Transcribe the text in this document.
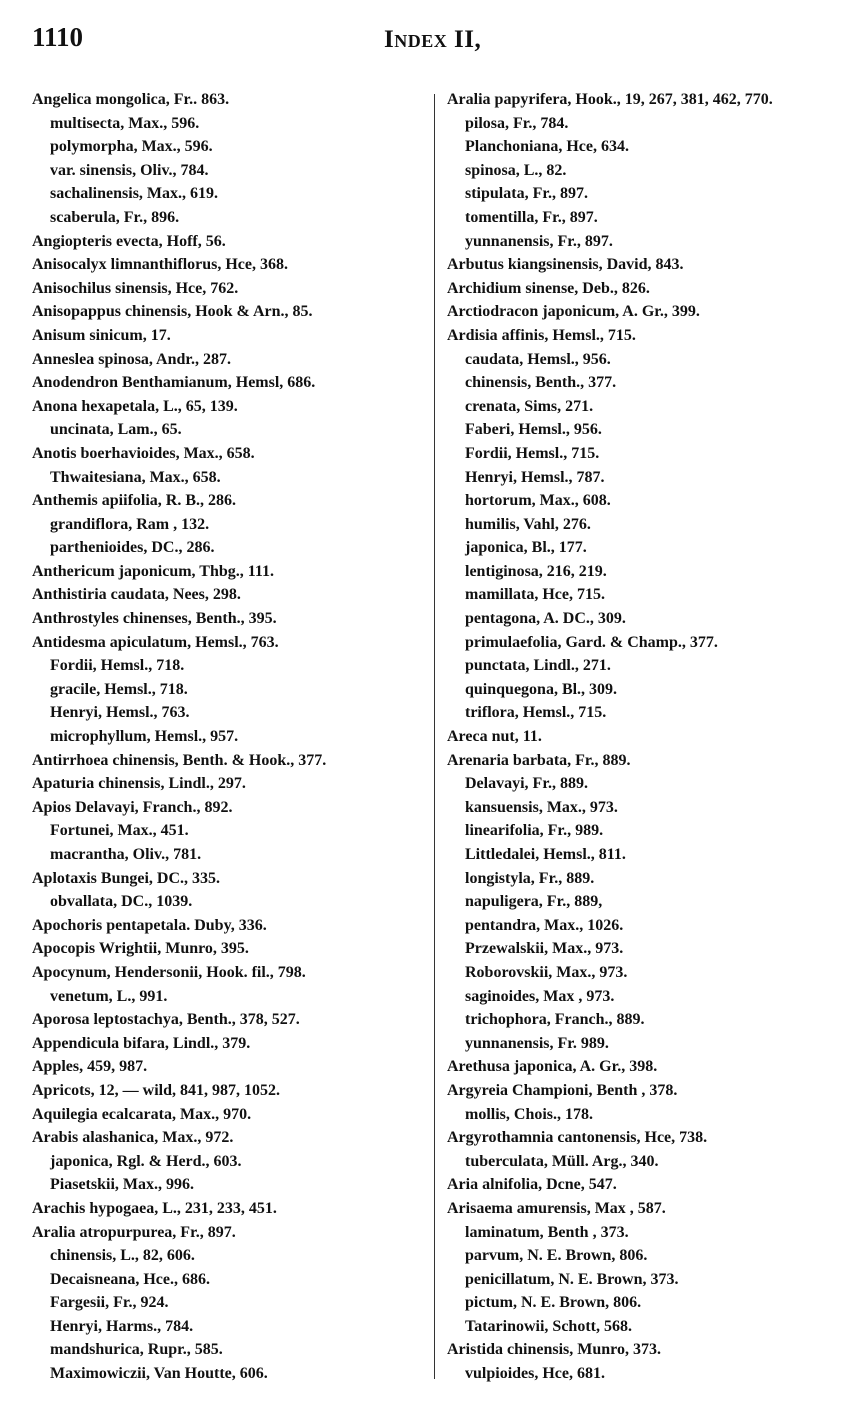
1110	Index II,
Angelica mongolica, Fr.. 863.
multisecta, Max., 596.
polymorpha, Max., 596.
var. sinensis, Oliv., 784.
sachalinensis, Max., 619.
scaberula, Fr., 896.
Angiopteris evecta, Hoff, 56.
Anisocalyx limnanthiflorus, Hce, 368.
Anisochilus sinensis, Hce, 762.
Anisopappus chinensis, Hook & Arn., 85.
Anisum sinicum, 17.
Anneslea spinosa, Andr., 287.
Anodendron Benthamianum, Hemsl, 686.
Anona hexapetala, L., 65, 139.
uncinata, Lam., 65.
Anotis boerhavioides, Max., 658.
Thwaitesiana, Max., 658.
Anthemis apiifolia, R. B., 286.
grandiflora, Ram , 132.
parthenioides, DC., 286.
Anthericum japonicum, Thbg., 111.
Anthistiria caudata, Nees, 298.
Anthrostyles chinenses, Benth., 395.
Antidesma apiculatum, Hemsl., 763.
Fordii, Hemsl., 718.
gracile, Hemsl., 718.
Henryi, Hemsl., 763.
microphyllum, Hemsl., 957.
Antirrhoea chinensis, Benth. & Hook., 377.
Apaturia chinensis, Lindl., 297.
Apios Delavayi, Franch., 892.
Fortunei, Max., 451.
macrantha, Oliv., 781.
Aplotaxis Bungei, DC., 335.
obvallata, DC., 1039.
Apochoris pentapetala. Duby, 336.
Apocopis Wrightii, Munro, 395.
Apocynum, Hendersonii, Hook. fil., 798.
venetum, L., 991.
Aporosa leptostachya, Benth., 378, 527.
Appendicula bifara, Lindl., 379.
Apples, 459, 987.
Apricots, 12, — wild, 841, 987, 1052.
Aquilegia ecalcarata, Max., 970.
Arabis alashanica, Max., 972.
japonica, Rgl. & Herd., 603.
Piasetskii, Max., 996.
Arachis hypogaea, L., 231, 233, 451.
Aralia atropurpurea, Fr., 897.
chinensis, L., 82, 606.
Decaisneana, Hce., 686.
Fargesii, Fr., 924.
Henryi, Harms., 784.
mandshurica, Rupr., 585.
Maximowiczii, Van Houtte, 606.
Aralia papyrifera, Hook., 19, 267, 381, 462, 770.
pilosa, Fr., 784.
Planchoniana, Hce, 634.
spinosa, L., 82.
stipulata, Fr., 897.
tomentilla, Fr., 897.
yunnanensis, Fr., 897.
Arbutus kiangsinensis, David, 843.
Archidium sinense, Deb., 826.
Arctiodracon japonicum, A. Gr., 399.
Ardisia affinis, Hemsl., 715.
caudata, Hemsl., 956.
chinensis, Benth., 377.
crenata, Sims, 271.
Faberi, Hemsl., 956.
Fordii, Hemsl., 715.
Henryi, Hemsl., 787.
hortorum, Max., 608.
humilis, Vahl, 276.
japonica, Bl., 177.
lentiginosa, 216, 219.
mamillata, Hce, 715.
pentagona, A. DC., 309.
primulaefolia, Gard. & Champ., 377.
punctata, Lindl., 271.
quinquegona, Bl., 309.
triflora, Hemsl., 715.
Areca nut, 11.
Arenaria barbata, Fr., 889.
Delavayi, Fr., 889.
kansuensis, Max., 973.
linearifolia, Fr., 989.
Littledalei, Hemsl., 811.
longistyla, Fr., 889.
napuligera, Fr., 889,
pentandra, Max., 1026.
Przewalskii, Max., 973.
Roborovskii, Max., 973.
saginoides, Max , 973.
trichophora, Franch., 889.
yunnanensis, Fr. 989.
Arethusa japonica, A. Gr., 398.
Argyreia Championi, Benth , 378.
mollis, Chois., 178.
Argyrothamnia cantonensis, Hce, 738.
tuberculata, Müll. Arg., 340.
Aria alnifolia, Dcne, 547.
Arisaema amurensis, Max , 587.
laminatum, Benth , 373.
parvum, N. E. Brown, 806.
penicillatum, N. E. Brown, 373.
pictum, N. E. Brown, 806.
Tatarinowii, Schott, 568.
Aristida chinensis, Munro, 373.
vulpioides, Hce, 681.
